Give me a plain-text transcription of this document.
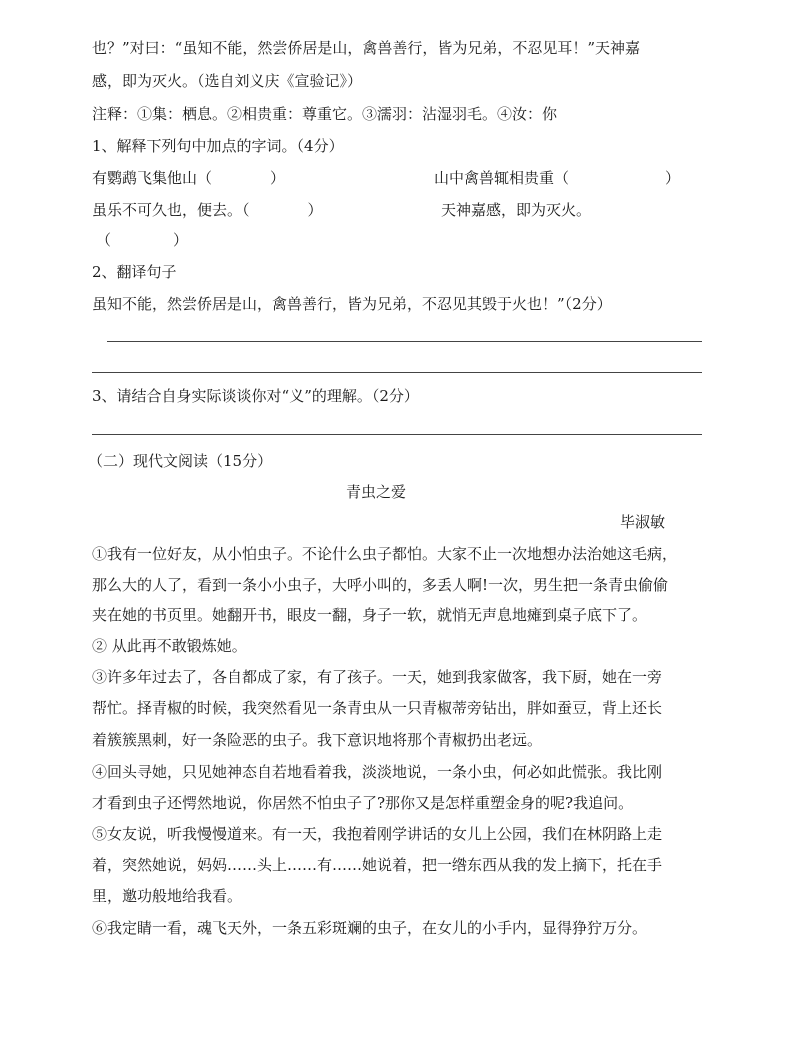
也？”对曰：“虽知不能，然尝侨居是山，禽兽善行，皆为兄弟，不忍见耳！”天神嘉

感，即为灭火。（选自刘义庆《宣验记》）

注释：①集：栖息。②相贵重：尊重它。③濡羽：沾湿羽毛。④汝：你

1、解释下列句中加点的字词。（4分）

有鹦鹉飞集他山（	）	山中禽兽辄相贵重（	）

虽乐不可久也，便去。（	）	天神嘉感，即为灭火。

（	）

2、翻译句子

虽知不能，然尝侨居是山，禽兽善行，皆为兄弟，不忍见其毁于火也！”（2分）

3、请结合自身实际谈谈你对“义”的理解。（2分）

（二）现代文阅读（15分）

青虫之爱

毕淑敏

①我有一位好友，从小怕虫子。不论什么虫子都怕。大家不止一次地想办法治她这毛病，

那么大的人了，看到一条小小虫子，大呼小叫的，多丢人啊!一次，男生把一条青虫偷偷

夹在她的书页里。她翻开书，眼皮一翻，身子一软，就悄无声息地瘫到桌子底下了。

② 从此再不敢锻炼她。

③许多年过去了，各自都成了家，有了孩子。一天，她到我家做客，我下厨，她在一旁

帮忙。择青椒的时候，我突然看见一条青虫从一只青椒蒂旁钻出，胖如蚕豆，背上还长

着簇簇黑刺，好一条险恶的虫子。我下意识地将那个青椒扔出老远。

④回头寻她，只见她神态自若地看着我，淡淡地说，一条小虫，何必如此慌张。我比刚

才看到虫子还愕然地说，你居然不怕虫子了?那你又是怎样重塑金身的呢?我追问。

⑤女友说，听我慢慢道来。有一天，我抱着刚学讲话的女儿上公园，我们在林阴路上走

着，突然她说，妈妈……头上……有……她说着，把一绺东西从我的发上摘下，托在手

里，邀功般地给我看。

⑥我定睛一看，魂飞天外，一条五彩斑斓的虫子，在女儿的小手内，显得狰狞万分。
